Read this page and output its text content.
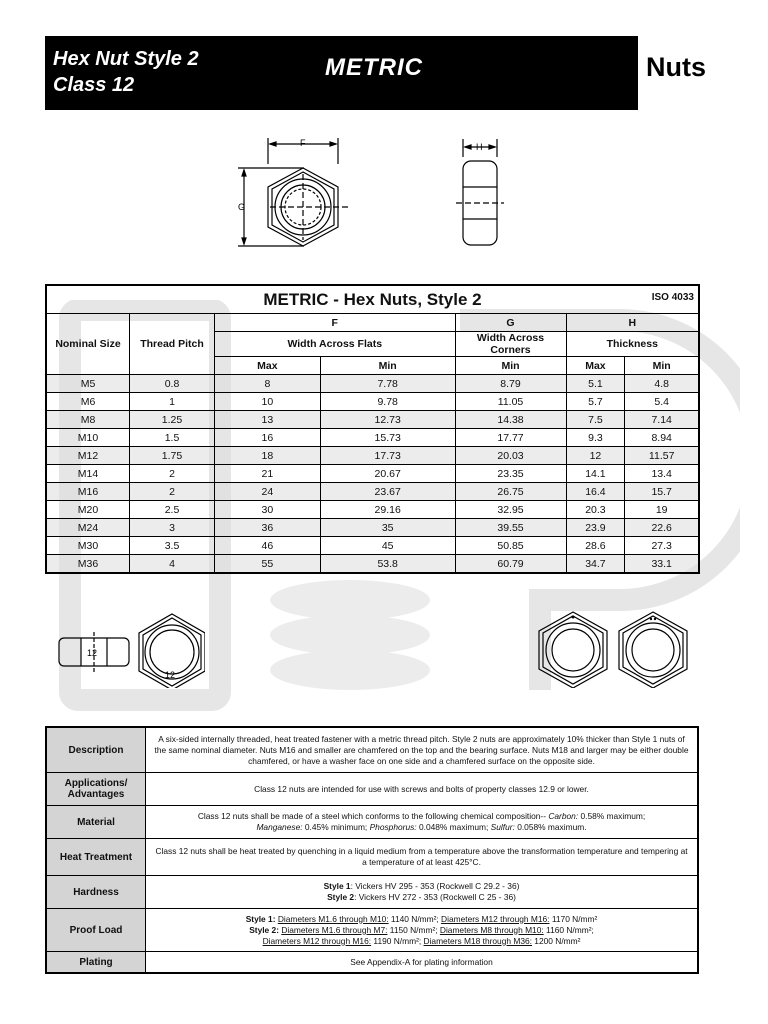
Hex Nut Style 2
Class 12
METRIC	Nuts
F
G
H
METRIC - Hex Nuts, Style 2 ISO 4033						

Nominal Size	Thread Pitch	F		G	H	
		Width Across Flats		Width Across Corners	Thickness	
		Max	Min	Min	Max	Min
M5	0.8	8	7.78	8.79	5.1	4.8
M6	1	10	9.78	11.05	5.7	5.4
M8	1.25	13	12.73	14.38	7.5	7.14
M10	1.5	16	15.73	17.77	9.3	8.94
M12	1.75	18	17.73	20.03	12	11.57
M14	2	21	20.67	23.35	14.1	13.4
M16	2	24	23.67	26.75	16.4	15.7
M20	2.5	30	29.16	32.95	20.3	19
M24	3	36	35	39.55	23.9	22.6
M30	3.5	46	45	50.85	28.6	27.3
M36	4	55	53.8	60.79	34.7	33.1
12
12
Description	A six-sided internally threaded, heat treated fastener with a metric thread pitch. Style 2 nuts are approximately 10% thicker than Style 1 nuts of the same nominal diameter. Nuts M16 and smaller are chamfered on the top and the bearing surface. Nuts M18 and larger may be either double chamfered, or have a washer face on one side and a chamfered surface on the opposite side.
Applications/ Advantages	Class 12 nuts are intended for use with screws and bolts of property classes 12.9 or lower.
Material	Class 12 nuts shall be made of a steel which conforms to the following chemical composition-- Carbon: 0.58% maximum;
Manganese: 0.45% minimum; Phosphorus: 0.048% maximum; Sulfur: 0.058% maximum.
Heat Treatment	Class 12 nuts shall be heat treated by quenching in a liquid medium from a temperature above the transformation temperature and tempering at a temperature of at least 425°C.
Hardness	Style 1: Vickers HV 295 - 353 (Rockwell C 29.2 - 36)
Style 2: Vickers HV 272 - 353 (Rockwell C 25 - 36)
Proof Load	Style 1: Diameters M1.6 through M10: 1140 N/mm²; Diameters M12 through M16: 1170 N/mm²
Style 2: Diameters M1.6 through M7: 1150 N/mm²; Diameters M8 through M10: 1160 N/mm²;
Diameters M12 through M16: 1190 N/mm²; Diameters M18 through M36: 1200 N/mm²
Plating	See Appendix-A for plating information
